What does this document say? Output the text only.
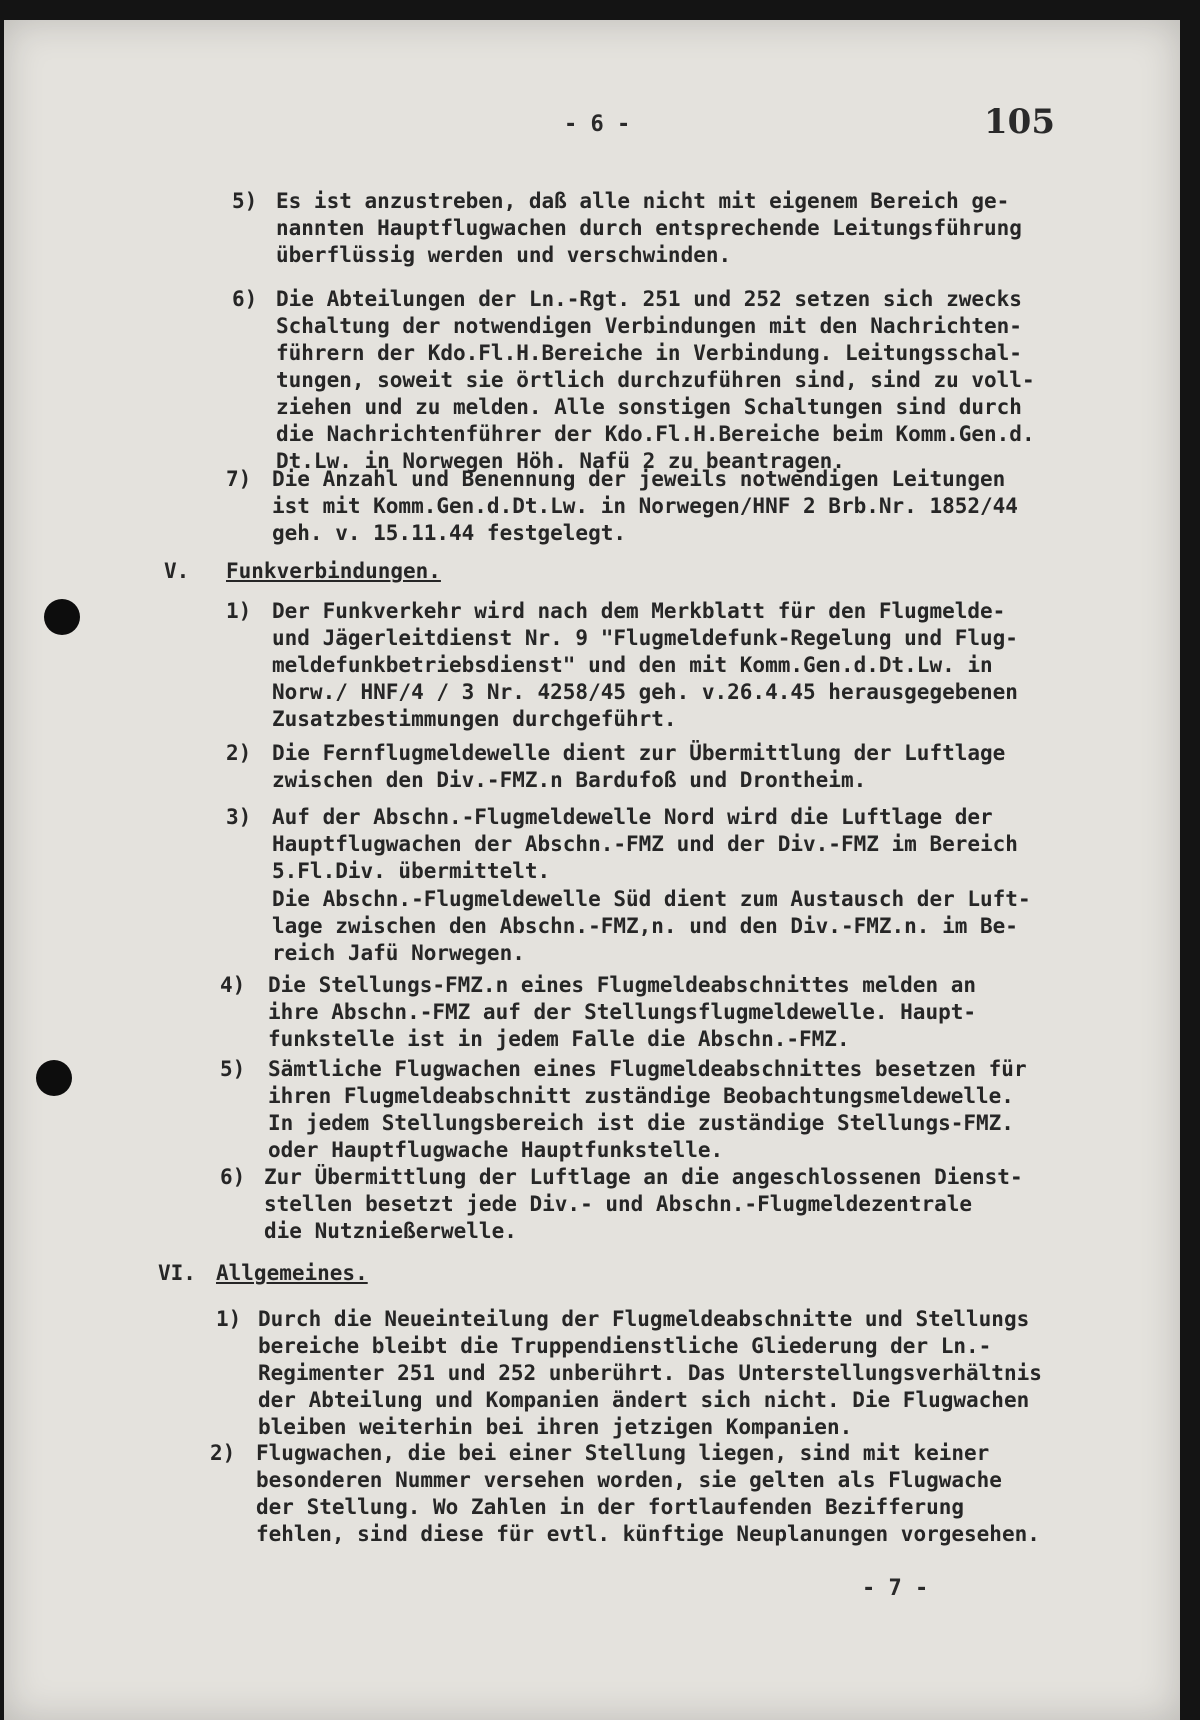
- 6 -	105
5) Es ist anzustreben, daß alle nicht mit eigenem Bereich ge-
nannten Hauptflugwachen durch entsprechende Leitungsführung
überflüssig werden und verschwinden.
6) Die Abteilungen der Ln.-Rgt. 251 und 252 setzen sich zwecks
Schaltung der notwendigen Verbindungen mit den Nachrichten-
führern der Kdo.Fl.H.Bereiche in Verbindung. Leitungsschal-
tungen, soweit sie örtlich durchzuführen sind, sind zu voll-
ziehen und zu melden. Alle sonstigen Schaltungen sind durch
die Nachrichtenführer der Kdo.Fl.H.Bereiche beim Komm.Gen.d.
Dt.Lw. in Norwegen Höh. Nafü 2 zu beantragen.
7) Die Anzahl und Benennung der jeweils notwendigen Leitungen
ist mit Komm.Gen.d.Dt.Lw. in Norwegen/HNF 2 Brb.Nr. 1852/44
geh. v. 15.11.44 festgelegt.
V. Funkverbindungen.
1) Der Funkverkehr wird nach dem Merkblatt für den Flugmelde-
und Jägerleitdienst Nr. 9 "Flugmeldefunk-Regelung und Flug-
meldefunkbetriebsdienst" und den mit Komm.Gen.d.Dt.Lw. in
Norw./ HNF/4 / 3 Nr. 4258/45 geh. v.26.4.45 herausgegebenen
Zusatzbestimmungen durchgeführt.
2) Die Fernflugmeldewelle dient zur Übermittlung der Luftlage
zwischen den Div.-FMZ.n Bardufoß und Drontheim.
3) Auf der Abschn.-Flugmeldewelle Nord wird die Luftlage der
Hauptflugwachen der Abschn.-FMZ und der Div.-FMZ im Bereich
5.Fl.Div. übermittelt.
Die Abschn.-Flugmeldewelle Süd dient zum Austausch der Luft-
lage zwischen den Abschn.-FMZ,n. und den Div.-FMZ.n. im Be-
reich Jafü Norwegen.
4) Die Stellungs-FMZ.n eines Flugmeldeabschnittes melden an
ihre Abschn.-FMZ auf der Stellungsflugmeldewelle. Haupt-
funkstelle ist in jedem Falle die Abschn.-FMZ.
5) Sämtliche Flugwachen eines Flugmeldeabschnittes besetzen für
ihren Flugmeldeabschnitt zuständige Beobachtungsmeldewelle.
In jedem Stellungsbereich ist die zuständige Stellungs-FMZ.
oder Hauptflugwache Hauptfunkstelle.
6) Zur Übermittlung der Luftlage an die angeschlossenen Dienst-
stellen besetzt jede Div.- und Abschn.-Flugmeldezentrale
die Nutznießerwelle.
VI. Allgemeines.
1) Durch die Neueinteilung der Flugmeldeabschnitte und Stellungs
bereiche bleibt die Truppendienstliche Gliederung der Ln.-
Regimenter 251 und 252 unberührt. Das Unterstellungsverhältnis
der Abteilung und Kompanien ändert sich nicht. Die Flugwachen
bleiben weiterhin bei ihren jetzigen Kompanien.
2) Flugwachen, die bei einer Stellung liegen, sind mit keiner
besonderen Nummer versehen worden, sie gelten als Flugwache
der Stellung. Wo Zahlen in der fortlaufenden Bezifferung
fehlen, sind diese für evtl. künftige Neuplanungen vorgesehen.
- 7 -
